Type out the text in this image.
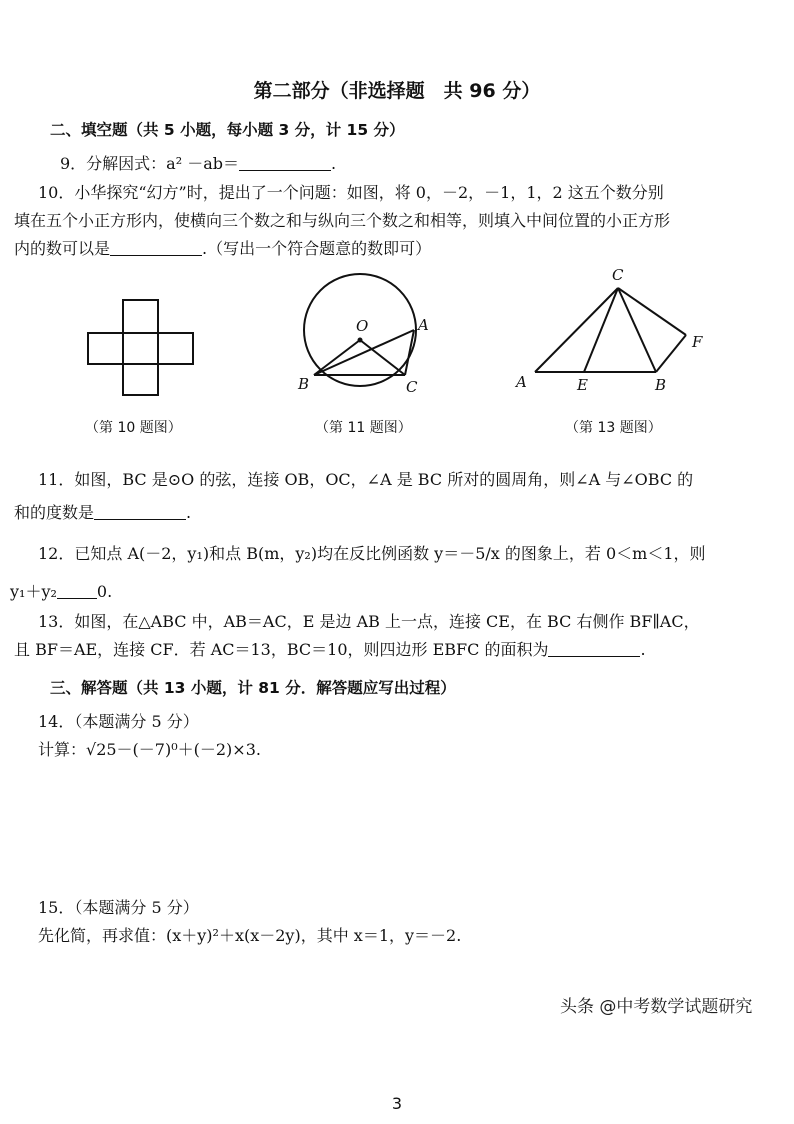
第二部分（非选择题　共 96 分）
二、填空题（共 5 小题，每小题 3 分，计 15 分）
9．分解因式：a² －ab＝	.
10．小华探究“幻方”时，提出了一个问题：如图，将 0，－2，－1，1，2 这五个数分别
填在五个小正方形内，使横向三个数之和与纵向三个数之和相等，则填入中间位置的小正方形
内的数可以是	.（写出一个符合题意的数即可）
（第 10 题图）
O	A
B	C
（第 11 题图）
C
F
A	E	B
（第 13 题图）
11．如图，BC 是⊙O 的弦，连接 OB，OC，∠A 是 BC 所对的圆周角，则∠A 与∠OBC 的
和的度数是	.
12．已知点 A(－2，y₁)和点 B(m，y₂)均在反比例函数 y＝－5/x 的图象上，若 0＜m＜1，则
y₁＋y₂	0.
13．如图，在△ABC 中，AB＝AC，E 是边 AB 上一点，连接 CE，在 BC 右侧作 BF∥AC，
且 BF＝AE，连接 CF．若 AC＝13，BC＝10，则四边形 EBFC 的面积为	.
三、解答题（共 13 小题，计 81 分．解答题应写出过程）
14．（本题满分 5 分）
计算：√25－(－7)⁰＋(－2)×3.
15．（本题满分 5 分）
先化简，再求值：(x＋y)²＋x(x－2y)，其中 x＝1，y＝－2.
头条 @中考数学试题研究
3
